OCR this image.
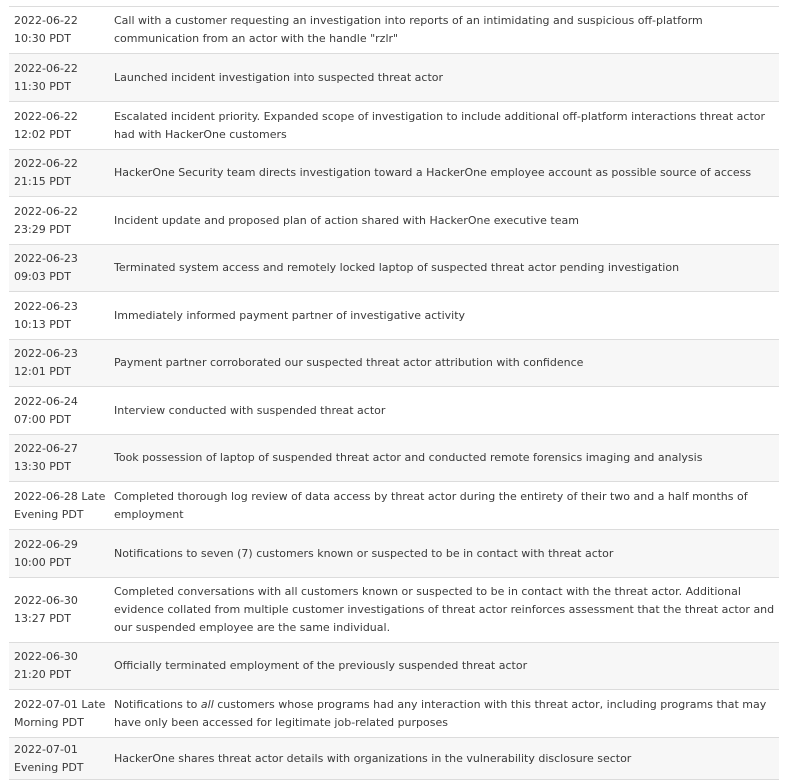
2022-06-22
10:30 PDT
Call with a customer requesting an investigation into reports of an intimidating and suspicious off-platform communication from an actor with the handle "rzlr"
2022-06-22
11:30 PDT
Launched incident investigation into suspected threat actor
2022-06-22
12:02 PDT
Escalated incident priority. Expanded scope of investigation to include additional off-platform interactions threat actor had with HackerOne customers
2022-06-22
21:15 PDT
HackerOne Security team directs investigation toward a HackerOne employee account as possible source of access
2022-06-22
23:29 PDT
Incident update and proposed plan of action shared with HackerOne executive team
2022-06-23
09:03 PDT
Terminated system access and remotely locked laptop of suspected threat actor pending investigation
2022-06-23
10:13 PDT
Immediately informed payment partner of investigative activity
2022-06-23
12:01 PDT
Payment partner corroborated our suspected threat actor attribution with confidence
2022-06-24
07:00 PDT
Interview conducted with suspended threat actor
2022-06-27
13:30 PDT
Took possession of laptop of suspended threat actor and conducted remote forensics imaging and analysis
2022-06-28 Late
Evening PDT
Completed thorough log review of data access by threat actor during the entirety of their two and a half months of employment
2022-06-29
10:00 PDT
Notifications to seven (7) customers known or suspected to be in contact with threat actor
2022-06-30
13:27 PDT
Completed conversations with all customers known or suspected to be in contact with the threat actor. Additional evidence collated from multiple customer investigations of threat actor reinforces assessment that the threat actor and our suspended employee are the same individual.
2022-06-30
21:20 PDT
Officially terminated employment of the previously suspended threat actor
2022-07-01 Late
Morning PDT
Notifications to all customers whose programs had any interaction with this threat actor, including programs that may have only been accessed for legitimate job-related purposes
2022-07-01
Evening PDT
HackerOne shares threat actor details with organizations in the vulnerability disclosure sector
